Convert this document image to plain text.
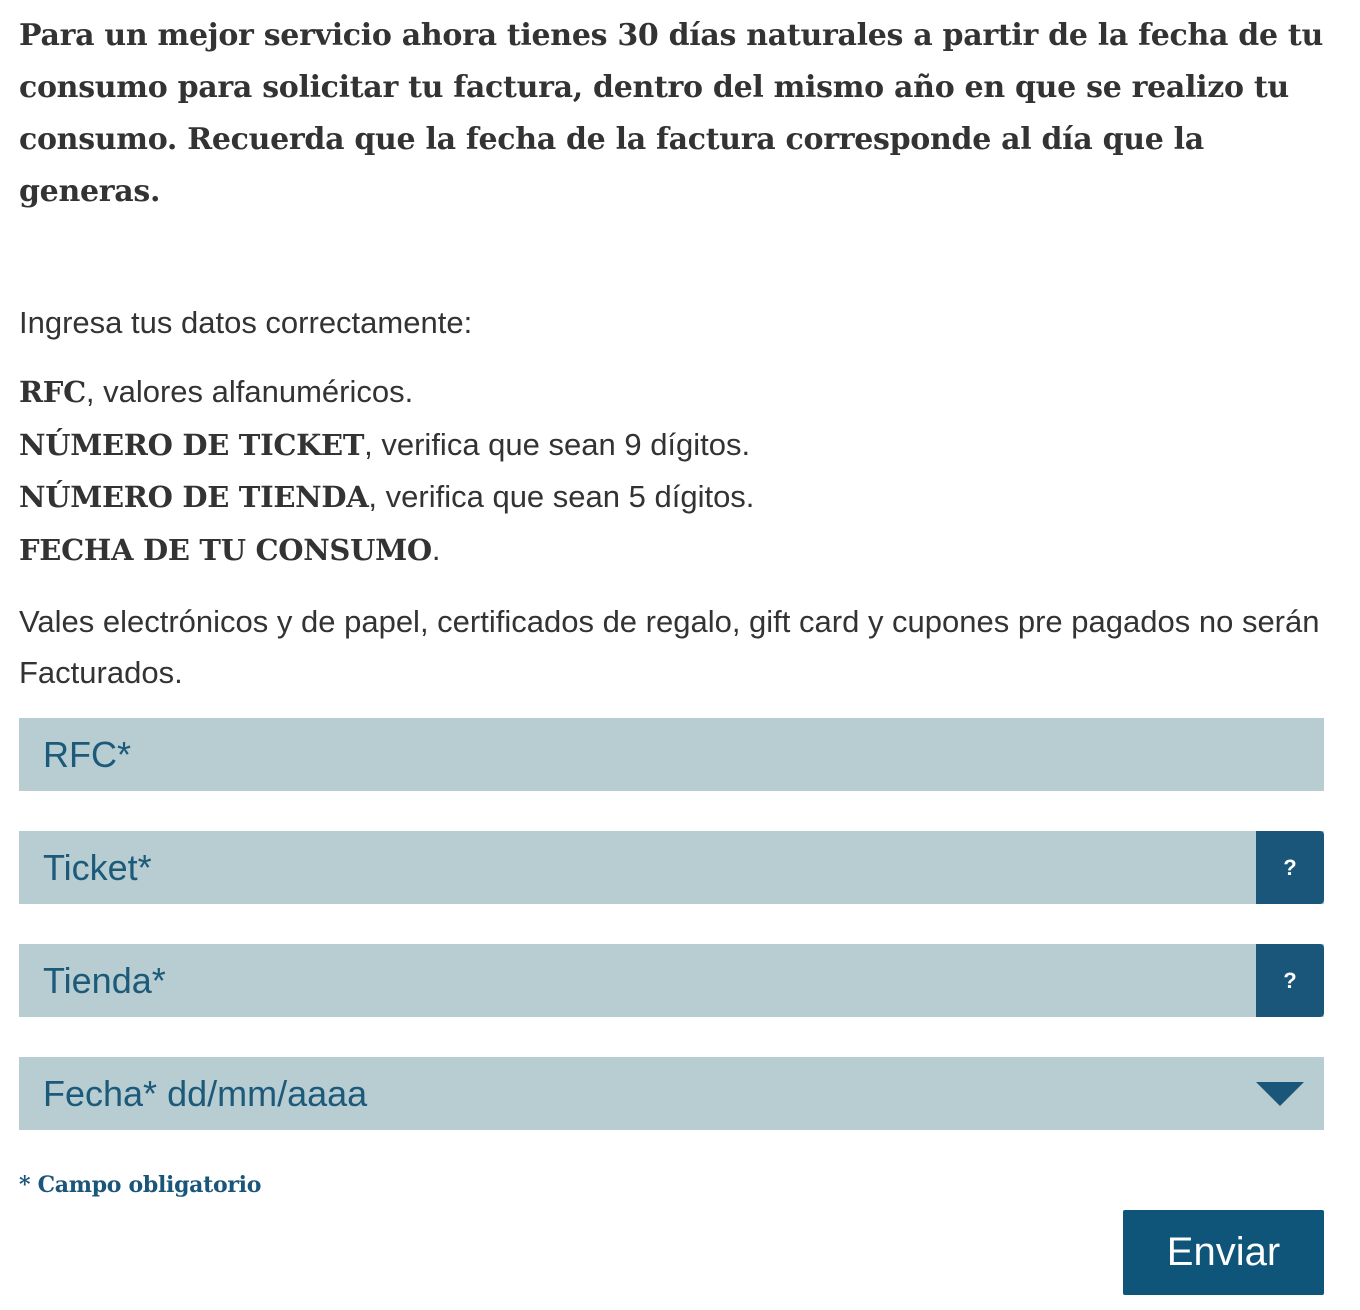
Para un mejor servicio ahora tienes 30 días naturales a partir de la fecha de tu consumo para solicitar tu factura, dentro del mismo año en que se realizo tu consumo. Recuerda que la fecha de la factura corresponde al día que la generas.

Ingresa tus datos correctamente:

RFC, valores alfanuméricos.
NÚMERO DE TICKET, verifica que sean 9 dígitos.
NÚMERO DE TIENDA, verifica que sean 5 dígitos.
FECHA DE TU CONSUMO.

Vales electrónicos y de papel, certificados de regalo, gift card y cupones pre pagados no serán Facturados.

RFC*
Ticket*
?
Tienda*
?
Fecha* dd/mm/aaaa

* Campo obligatorio

Enviar
